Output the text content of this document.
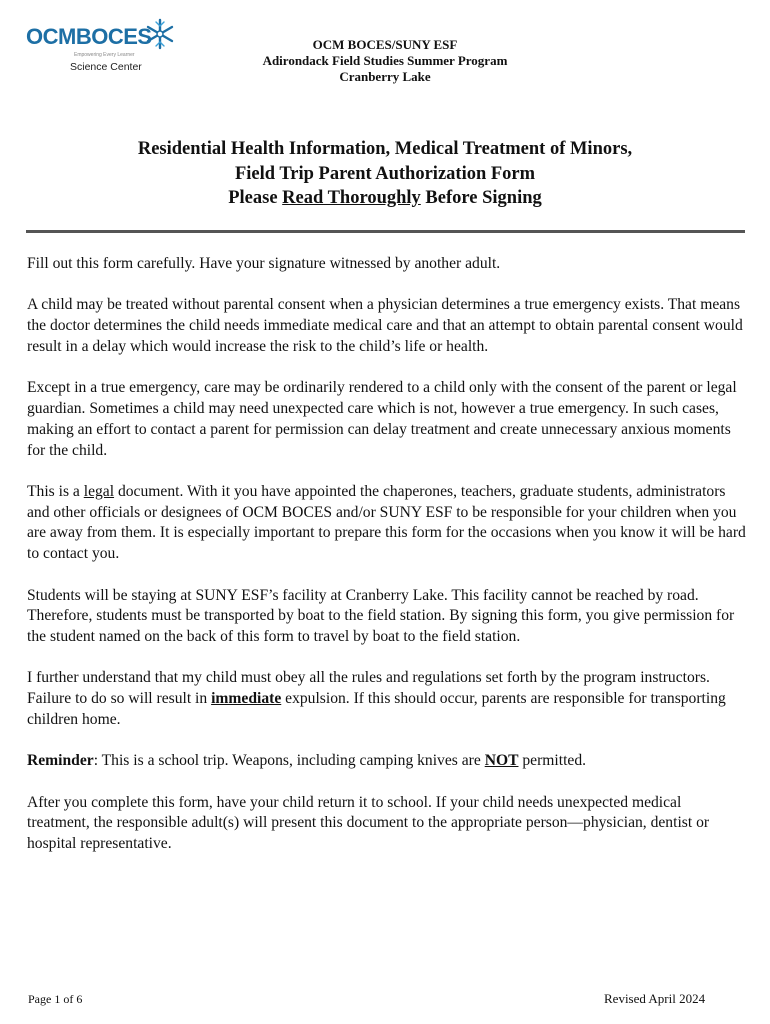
OCMBOCES
Empowering Every Learner
Science Center
OCM BOCES/SUNY ESF
Adirondack Field Studies Summer Program
Cranberry Lake
Residential Health Information, Medical Treatment of Minors,
Field Trip Parent Authorization Form
Please Read Thoroughly Before Signing

Fill out this form carefully. Have your signature witnessed by another adult.

A child may be treated without parental consent when a physician determines a true emergency exists. That means the doctor determines the child needs immediate medical care and that an attempt to obtain parental consent would result in a delay which would increase the risk to the child’s life or health.

Except in a true emergency, care may be ordinarily rendered to a child only with the consent of the parent or legal guardian. Sometimes a child may need unexpected care which is not, however a true emergency. In such cases, making an effort to contact a parent for permission can delay treatment and create unnecessary anxious moments for the child.

This is a legal document. With it you have appointed the chaperones, teachers, graduate students, administrators and other officials or designees of OCM BOCES and/or SUNY ESF to be responsible for your children when you are away from them. It is especially important to prepare this form for the occasions when you know it will be hard to contact you.

Students will be staying at SUNY ESF’s facility at Cranberry Lake. This facility cannot be reached by road. Therefore, students must be transported by boat to the field station. By signing this form, you give permission for the student named on the back of this form to travel by boat to the field station.

I further understand that my child must obey all the rules and regulations set forth by the program instructors. Failure to do so will result in immediate expulsion. If this should occur, parents are responsible for transporting children home.

Reminder: This is a school trip. Weapons, including camping knives are NOT permitted.

After you complete this form, have your child return it to school. If your child needs unexpected medical treatment, the responsible adult(s) will present this document to the appropriate person—physician, dentist or hospital representative.

Page 1 of 6	Revised April 2024
